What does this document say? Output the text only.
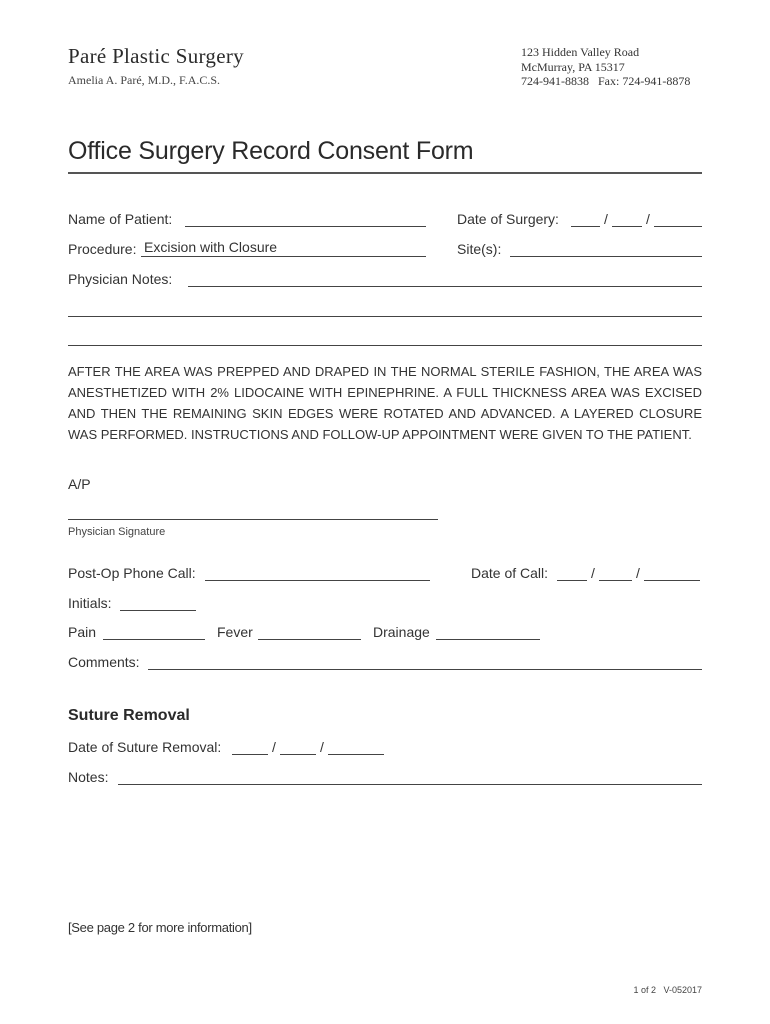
Paré Plastic Surgery
Amelia A. Paré, M.D., F.A.C.S.
123 Hidden Valley Road
McMurray, PA 15317
724-941-8838   Fax: 724-941-8878
Office Surgery Record Consent Form
Name of Patient:	Date of Surgery:	/	/
Procedure: Excision with Closure	Site(s):
Physician Notes:
AFTER THE AREA WAS PREPPED AND DRAPED IN THE NORMAL STERILE FASHION, THE AREA WAS ANESTHETIZED WITH 2% LIDOCAINE WITH EPINEPHRINE. A FULL THICKNESS AREA WAS EXCISED AND THEN THE REMAINING SKIN EDGES WERE ROTATED AND ADVANCED. A LAYERED CLOSURE WAS PERFORMED. INSTRUCTIONS AND FOLLOW-UP APPOINTMENT WERE GIVEN TO THE PATIENT.
A/P
Physician Signature
Post-Op Phone Call:	Date of Call:	/	/
Initials:
Pain	Fever	Drainage
Comments:
Suture Removal
Date of Suture Removal:	/	/
Notes:
[See page 2 for more information]
1 of 2   V-052017
